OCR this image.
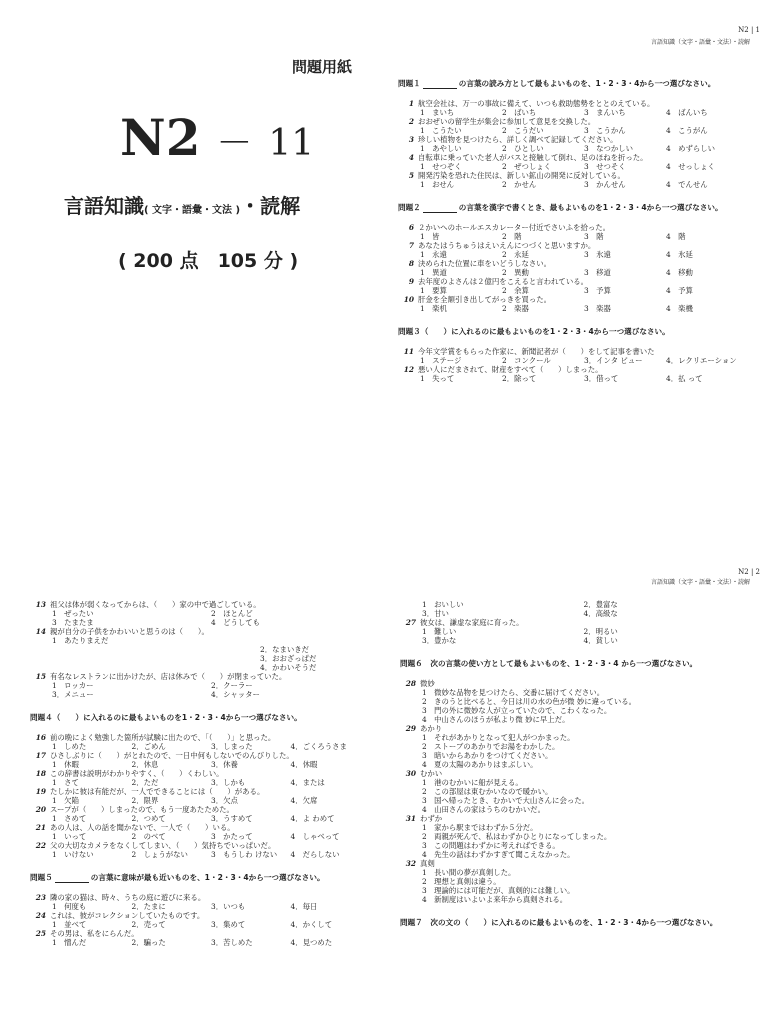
言語知識（文字・語彙・文法）・読解
N2 | 1
問題用紙
N2 － 11
言語知識( 文字・語彙・文法 )・読解
( 200 点　105 分 )
問題１	の言葉の読み方として最もよいものを、1・2・3・4から一つ選びなさい。
1 航空会社は、万一の事故に備えて、いつも救助態勢をととのえている。
1　まいち	2　ばいち	3　まんいち	4　ばんいち
2 おおぜいの留学生が集会に参加して意見を交換した。
1　こうたい	2　こうだい	3　こうかん	4　こうがん
3 珍しい植物を見つけたら、詳しく調べて記録してください。
1　あやしい	2　ひとしい	3　なつかしい	4　めずらしい
4 自転車に乗っていた老人がバスと接触して倒れ、足のほねを折った。
1　せつぞく	2　ぜつしょく	3　せつそく	4　せっしょく
5 開発汚染を恐れた住民は、新しい鉱山の開発に反対している。
1　おせん	2　かせん	3　かんせん	4　でんせん
問題２	の言葉を漢字で書くとき、最もよいものを1・2・3・4から一つ選びなさい。
6 ２かいへのホールエスカレーター付近でさいふを拾った。
1　皆	2　階	3　階	4　階
7 あなたはうちゅうはえいえんにつづくと思いますか。
1　永遠	2　永延	3　氷遠	4　氷延
8 決められた位置に車をいどうしなさい。
1　異道	2　異動	3　移道	4　移動
9 去年度のよさんは２億円をこえると言われている。
1　要算	2　余算	3　予算	4　予算
10 肝金を全額引き出してがっきを買った。
1　楽机	2　楽器	3　楽器	4　楽機
問題３（　　）に入れるのに最もよいものを1・2・3・4から一つ選びなさい。
11 今年文学賞をもらった作家に、新聞記者が（　　）をして記事を書いた
1　ステージ	2　コンクール	3．インタ ビュー	4．レクリエーション
12 悪い人にだまされて、財産をすべて（　　）しまった。
1　失って	2．除って	3．借って	4．払 って
言語知識（文字・語彙・文法）・読解
N2 | 2
13 祖父は体が弱くなってからは、（　　）家の中で過ごしている。
1　ぜったい	2　ほとんど
3　たまたま	4　どうしても
14 親が自分の子供をかわいいと思うのは（　　）。
1　あたりまえだ
2．なまいきだ
3．おおざっぱだ
4．かわいそうだ
15 有名なレストランに出かけたが、店は休みで（　　）が閉まっていた。
1　ロッカー	2．クーラー
3．メニュー	4．シャッター
問題４（　　）に入れるのに最もよいものを1・2・3・4から一つ選びなさい。
16 前の晩によく勉強した箇所が試験に出たので、「（　　）」と思った。
1　しめた	2．ごめん	3．しまった	4．ごくろうさま
17 ひさしぶりに（　　）がとれたので、一日中何もしないでのんびりした。
1　休暇	2．休息	3．休養	4．休暇
18 この辞書は説明がわかりやすく、（　　）くわしい。
1　さて	2．ただ	3．しかも	4．または
19 たしかに彼は有能だが、一人でできることには（　　）がある。
1　欠陥	2．限界	3．欠点	4．欠席
20 スープが（　　）しまったので、もう一度あたためた。
1　さめて	2．つめて	3．うすめて	4．よ わめて
21 あの人は、人の話を聞かないで、一人で（　　）いる。
1　いって	2　のべて	3　かたって	4　しゃべって
22 父の大切なカメラをなくしてしまい、（　　）気持ちでいっぱいだ。
1　いけない	2　しょうがない	3　もうしわ けない	4　だらしない
問題５	の言葉に意味が最も近いものを、1・2・3・4から一つ選びなさい。
23 隣の家の猫は、時々、うちの庭に遊びに来る。
1　何度も	2．たまに	3．いつも	4．毎日
24 これは、彼がコレクションしていたものです。
1　並べて	2．売って	3．集めて	4．かくして
25 その男は、私をにらんだ。
1　憎んだ	2．騙った	3．苦しめた	4．見つめた
1　おいしい	2．豊富な
3．甘い	4．高級な
27 彼女は、謙虚な家庭に育った。
1　難しい	2．明るい
3．豊かな	4．貧しい
問題６　次の言葉の使い方として最もよいものを、1・2・3・4 から一つ選びなさい。
28 微妙
1　微妙な品物を見つけたら、交番に届けてください。
2　きのうと比べると、今日は川の水の色が微 妙に違っている。
3　門の外に微妙な人が立っていたので、こわくなった。
4　中山さんのほうが私より微 妙に早上だ。
29 あかり
1　それがあかりとなって犯人がつかまった。
2　ストーブのあかりでお湯をわかした。
3　暗いからあかりをつけてください。
4　夏の太陽のあかりはまぶしい。
30 むかい
1　港のむかいに船が見える。
2　この部屋は東むかいなので暖かい。
3　国へ帰ったとき、むかいで大山さんに会った。
4　山田さんの家はうちのむかいだ。
31 わずか
1　家から駅まではわずか５分だ。
2　両親が死んで、私はわずかひとりになってしまった。
3　この問題はわずかに考えればできる。
4　先生の話はわずかすぎて聞こえなかった。
32 真剣
1　長い間の夢が真剣した。
2　理想と真剣は違う。
3　理論的には可能だが、真剣的には難しい。
4　新制度はいよいよ来年から真剣される。
問題７　次の文の（　　）に入れるのに最もよいものを、1・2・3・4から一つ選びなさい。
